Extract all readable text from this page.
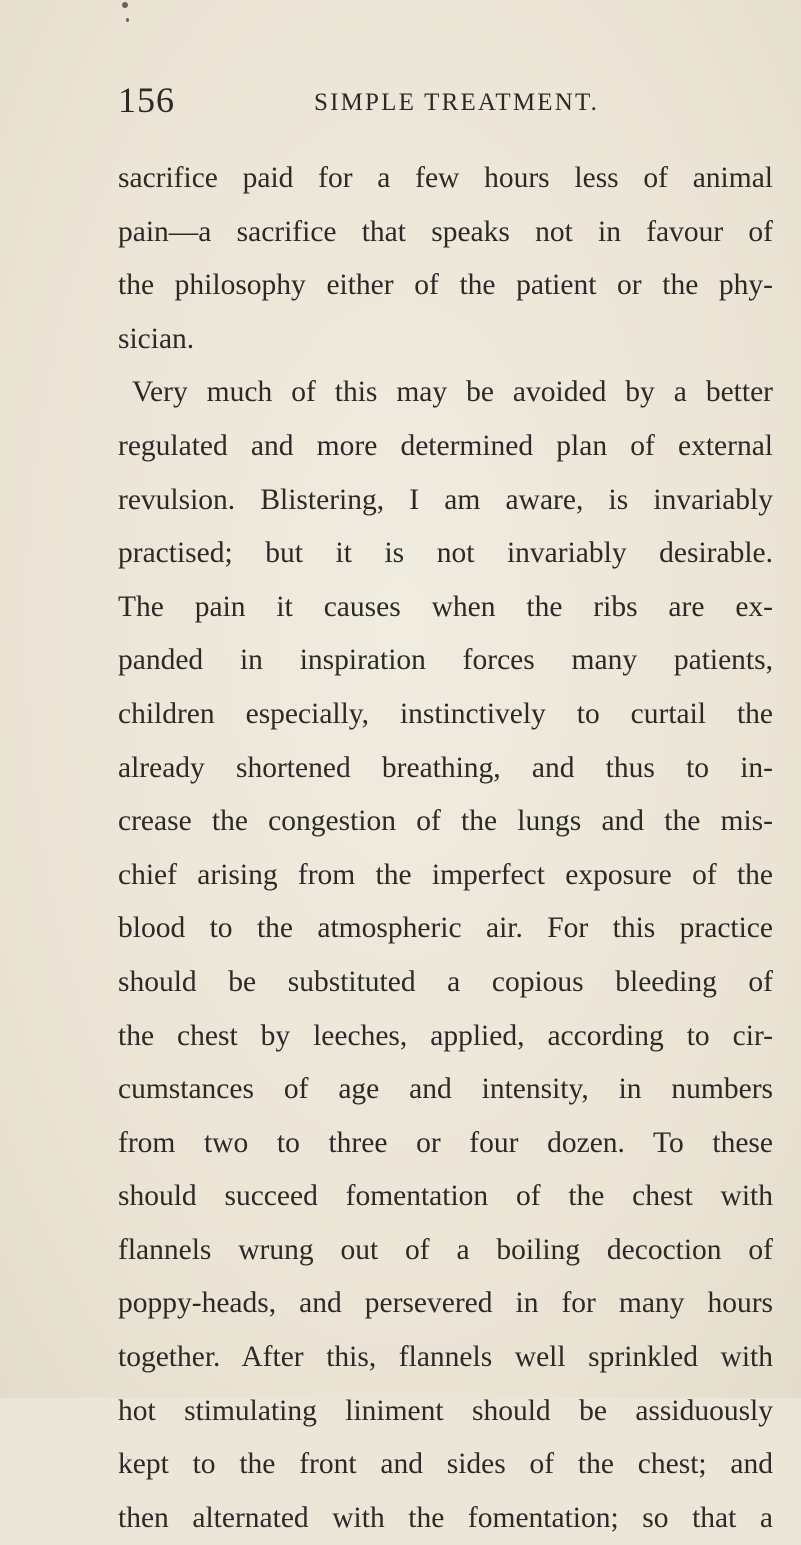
156	SIMPLE TREATMENT.
sacrifice paid for a few hours less of animal
pain—a sacrifice that speaks not in favour of
the philosophy either of the patient or the phy-
sician.
Very much of this may be avoided by a better
regulated and more determined plan of external
revulsion. Blistering, I am aware, is invariably
practised; but it is not invariably desirable.
The pain it causes when the ribs are ex-
panded in inspiration forces many patients,
children especially, instinctively to curtail the
already shortened breathing, and thus to in-
crease the congestion of the lungs and the mis-
chief arising from the imperfect exposure of the
blood to the atmospheric air. For this practice
should be substituted a copious bleeding of
the chest by leeches, applied, according to cir-
cumstances of age and intensity, in numbers
from two to three or four dozen. To these
should succeed fomentation of the chest with
flannels wrung out of a boiling decoction of
poppy-heads, and persevered in for many hours
together. After this, flannels well sprinkled with
hot stimulating liniment should be assiduously
kept to the front and sides of the chest; and
then alternated with the fomentation; so that a
